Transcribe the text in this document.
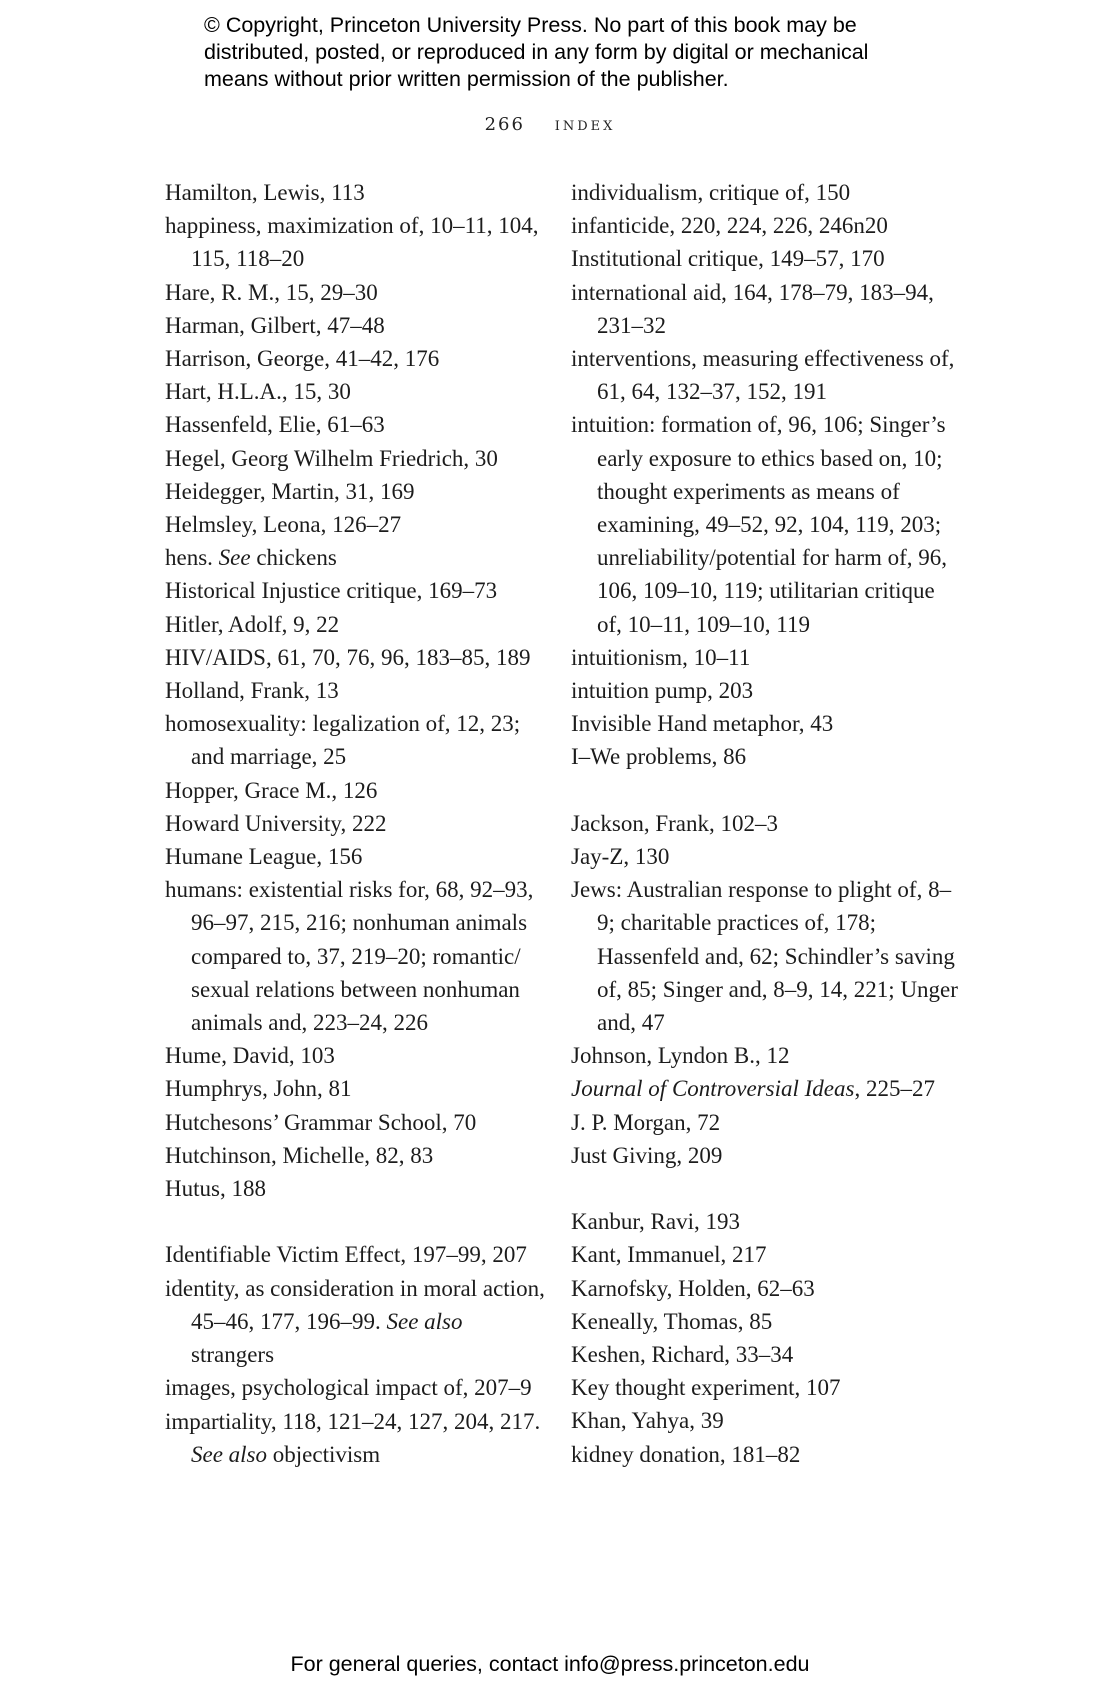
© Copyright, Princeton University Press. No part of this book may be
distributed, posted, or reproduced in any form by digital or mechanical
means without prior written permission of the publisher.
266 index
Hamilton, Lewis, 113
happiness, maximization of, 10–11, 104, 115, 118–20
Hare, R. M., 15, 29–30
Harman, Gilbert, 47–48
Harrison, George, 41–42, 176
Hart, H.L.A., 15, 30
Hassenfeld, Elie, 61–63
Hegel, Georg Wilhelm Friedrich, 30
Heidegger, Martin, 31, 169
Helmsley, Leona, 126–27
hens. See chickens
Historical Injustice critique, 169–73
Hitler, Adolf, 9, 22
HIV/AIDS, 61, 70, 76, 96, 183–85, 189
Holland, Frank, 13
homosexuality: legalization of, 12, 23; and marriage, 25
Hopper, Grace M., 126
Howard University, 222
Humane League, 156
humans: existential risks for, 68, 92–93, 96–97, 215, 216; nonhuman animals compared to, 37, 219–20; romantic/ sexual relations between nonhuman animals and, 223–24, 226
Hume, David, 103
Humphrys, John, 81
Hutchesons’ Grammar School, 70
Hutchinson, Michelle, 82, 83
Hutus, 188
Identifiable Victim Effect, 197–99, 207
identity, as consideration in moral action, 45–46, 177, 196–99. See also strangers
images, psychological impact of, 207–9
impartiality, 118, 121–24, 127, 204, 217. See also objectivism
individualism, critique of, 150
infanticide, 220, 224, 226, 246n20
Institutional critique, 149–57, 170
international aid, 164, 178–79, 183–94, 231–32
interventions, measuring effectiveness of, 61, 64, 132–37, 152, 191
intuition: formation of, 96, 106; Singer’s early exposure to ethics based on, 10; thought experiments as means of examining, 49–52, 92, 104, 119, 203; unreliability/potential for harm of, 96, 106, 109–10, 119; utilitarian critique of, 10–11, 109–10, 119
intuitionism, 10–11
intuition pump, 203
Invisible Hand metaphor, 43
I–We problems, 86
Jackson, Frank, 102–3
Jay-Z, 130
Jews: Australian response to plight of, 8–9; charitable practices of, 178; Hassenfeld and, 62; Schindler’s saving of, 85; Singer and, 8–9, 14, 221; Unger and, 47
Johnson, Lyndon B., 12
Journal of Controversial Ideas, 225–27
J. P. Morgan, 72
Just Giving, 209
Kanbur, Ravi, 193
Kant, Immanuel, 217
Karnofsky, Holden, 62–63
Keneally, Thomas, 85
Keshen, Richard, 33–34
Key thought experiment, 107
Khan, Yahya, 39
kidney donation, 181–82
For general queries, contact info@press.princeton.edu
